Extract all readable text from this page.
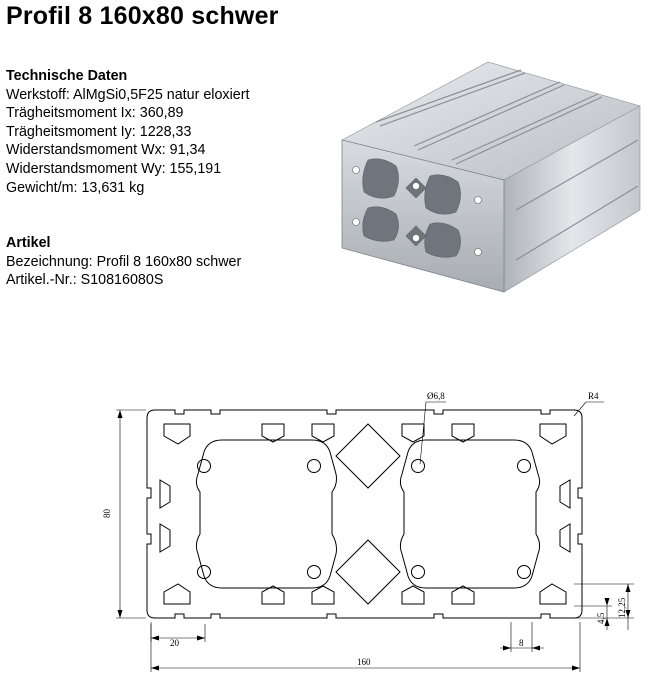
Profil 8 160x80 schwer
Technische Daten
Werkstoff: AlMgSi0,5F25 natur eloxiert
Trägheitsmoment Ix: 360,89
Trägheitsmoment Iy: 1228,33
Widerstandsmoment Wx: 91,34
Widerstandsmoment Wy: 155,191
Gewicht/m: 13,631 kg
Artikel
Bezeichnung: Profil 8 160x80 schwer
Artikel.-Nr.: S10816080S
Ø6,8	R4
80
160
20	8
4,5
12,25
